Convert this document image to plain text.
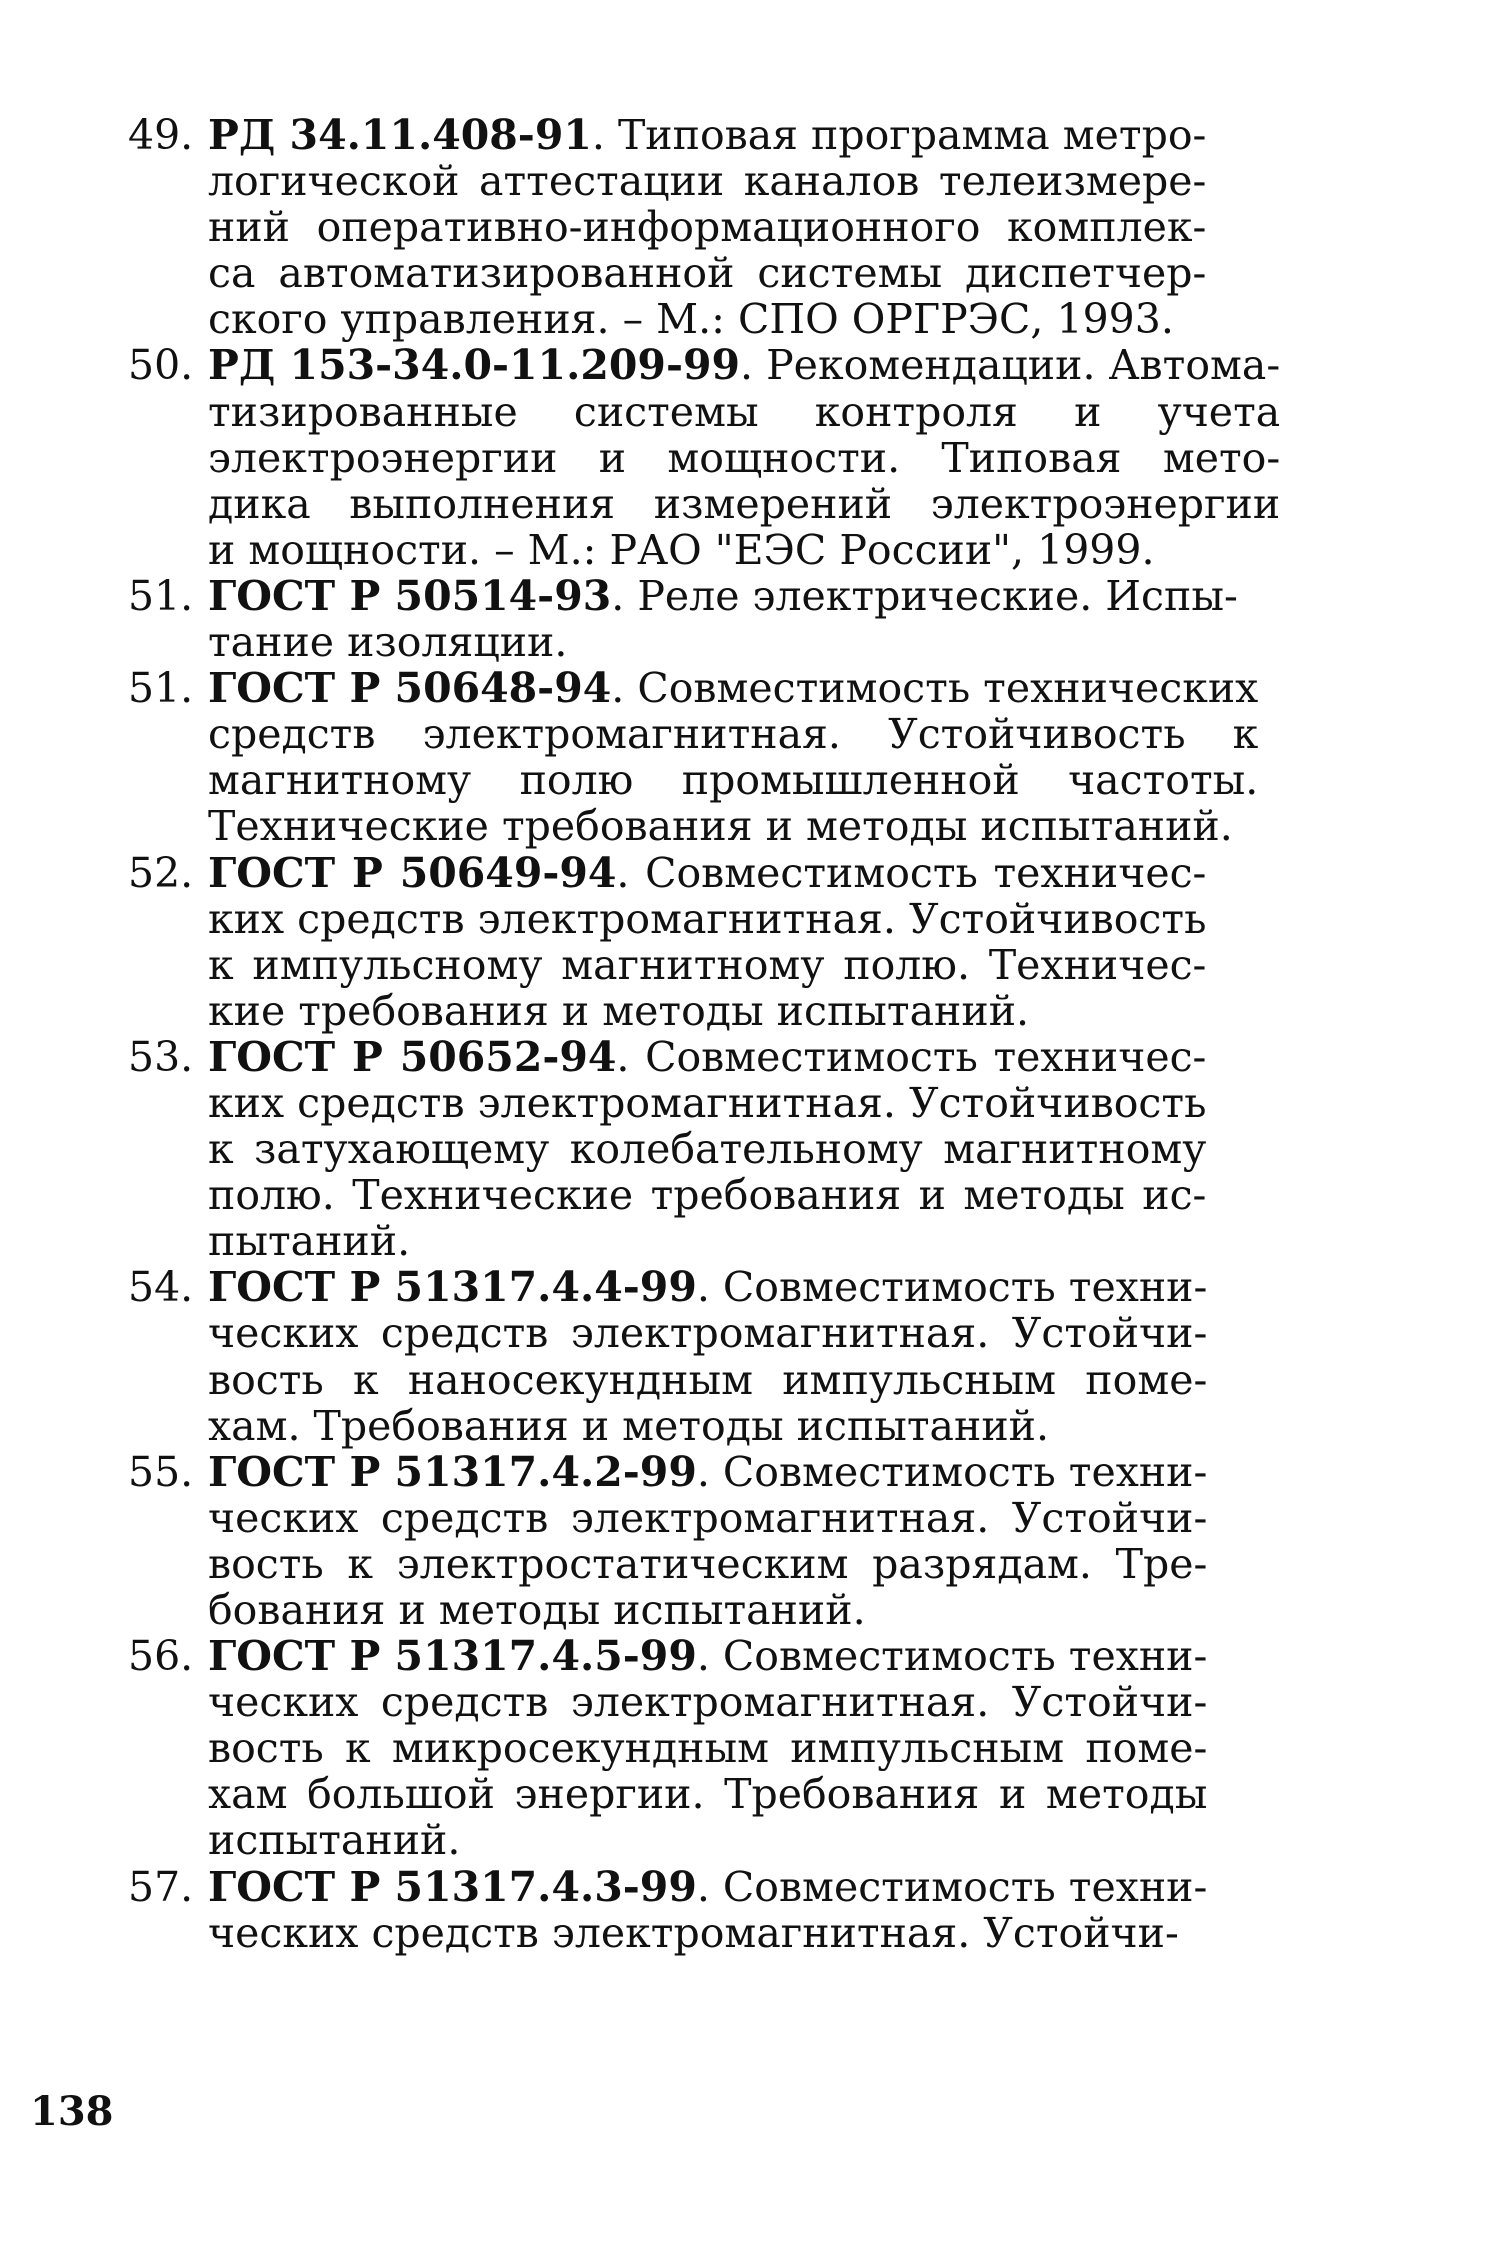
49. РД 34.11.408-91. Типовая программа метро-
логической аттестации каналов телеизмере-
ний оперативно-информационного комплек-
са автоматизированной системы диспетчер-
ского управления. – М.: СПО ОРГРЭС, 1993.
50. РД 153-34.0-11.209-99. Рекомендации. Автома-
тизированные системы контроля и учета
электроэнергии и мощности. Типовая мето-
дика выполнения измерений электроэнергии
и мощности. – М.: РАО "ЕЭС России", 1999.
51. ГОСТ Р 50514-93. Реле электрические. Испы-
тание изоляции.
51. ГОСТ Р 50648-94. Совместимость технических
средств электромагнитная. Устойчивость к
магнитному полю промышленной частоты.
Технические требования и методы испытаний.
52. ГОСТ Р 50649-94. Совместимость техничес-
ких средств электромагнитная. Устойчивость
к импульсному магнитному полю. Техничес-
кие требования и методы испытаний.
53. ГОСТ Р 50652-94. Совместимость техничес-
ких средств электромагнитная. Устойчивость
к затухающему колебательному магнитному
полю. Технические требования и методы ис-
пытаний.
54. ГОСТ Р 51317.4.4-99. Совместимость техни-
ческих средств электромагнитная. Устойчи-
вость к наносекундным импульсным поме-
хам. Требования и методы испытаний.
55. ГОСТ Р 51317.4.2-99. Совместимость техни-
ческих средств электромагнитная. Устойчи-
вость к электростатическим разрядам. Тре-
бования и методы испытаний.
56. ГОСТ Р 51317.4.5-99. Совместимость техни-
ческих средств электромагнитная. Устойчи-
вость к микросекундным импульсным поме-
хам большой энергии. Требования и методы
испытаний.
57. ГОСТ Р 51317.4.3-99. Совместимость техни-
ческих средств электромагнитная. Устойчи-
138
